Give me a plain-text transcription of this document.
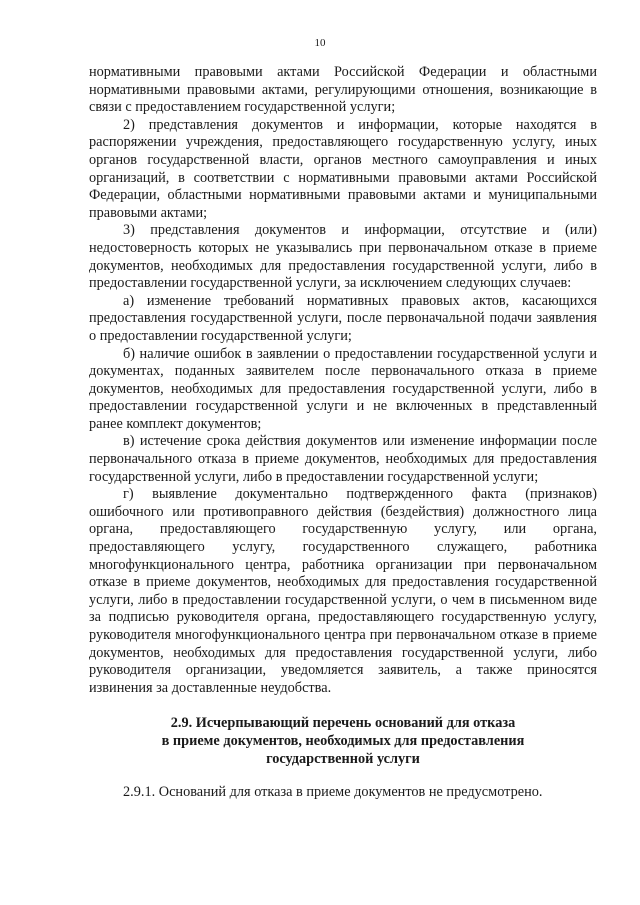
10

нормативными правовыми актами Российской Федерации и областными нормативными правовыми актами, регулирующими отношения, возникающие в связи с предоставлением государственной услуги;

2) представления документов и информации, которые находятся в распоряжении учреждения, предоставляющего государственную услугу, иных органов государственной власти, органов местного самоуправления и иных организаций, в соответствии с нормативными правовыми актами Российской Федерации, областными нормативными правовыми актами и муниципальными правовыми актами;

3) представления документов и информации, отсутствие и (или) недостоверность которых не указывались при первоначальном отказе в приеме документов, необходимых для предоставления государственной услуги, либо в предоставлении государственной услуги, за исключением следующих случаев:

а) изменение требований нормативных правовых актов, касающихся предоставления государственной услуги, после первоначальной подачи заявления о предоставлении государственной услуги;

б) наличие ошибок в заявлении о предоставлении государственной услуги и документах, поданных заявителем после первоначального отказа в приеме документов, необходимых для предоставления государственной услуги, либо в предоставлении государственной услуги и не включенных в представленный ранее комплект документов;

в) истечение срока действия документов или изменение информации после первоначального отказа в приеме документов, необходимых для предоставления государственной услуги, либо в предоставлении государственной услуги;

г) выявление документально подтвержденного факта (признаков) ошибочного или противоправного действия (бездействия) должностного лица органа, предоставляющего государственную услугу, или органа, предоставляющего услугу, государственного служащего, работника многофункционального центра, работника организации при первоначальном отказе в приеме документов, необходимых для предоставления государственной услуги, либо в предоставлении государственной услуги, о чем в письменном виде за подписью руководителя органа, предоставляющего государственную услугу, руководителя многофункционального центра при первоначальном отказе в приеме документов, необходимых для предоставления государственной услуги, либо руководителя организации, уведомляется заявитель, а также приносятся извинения за доставленные неудобства.

2.9. Исчерпывающий перечень оснований для отказа
в приеме документов, необходимых для предоставления
государственной услуги

2.9.1. Оснований для отказа в приеме документов не предусмотрено.
